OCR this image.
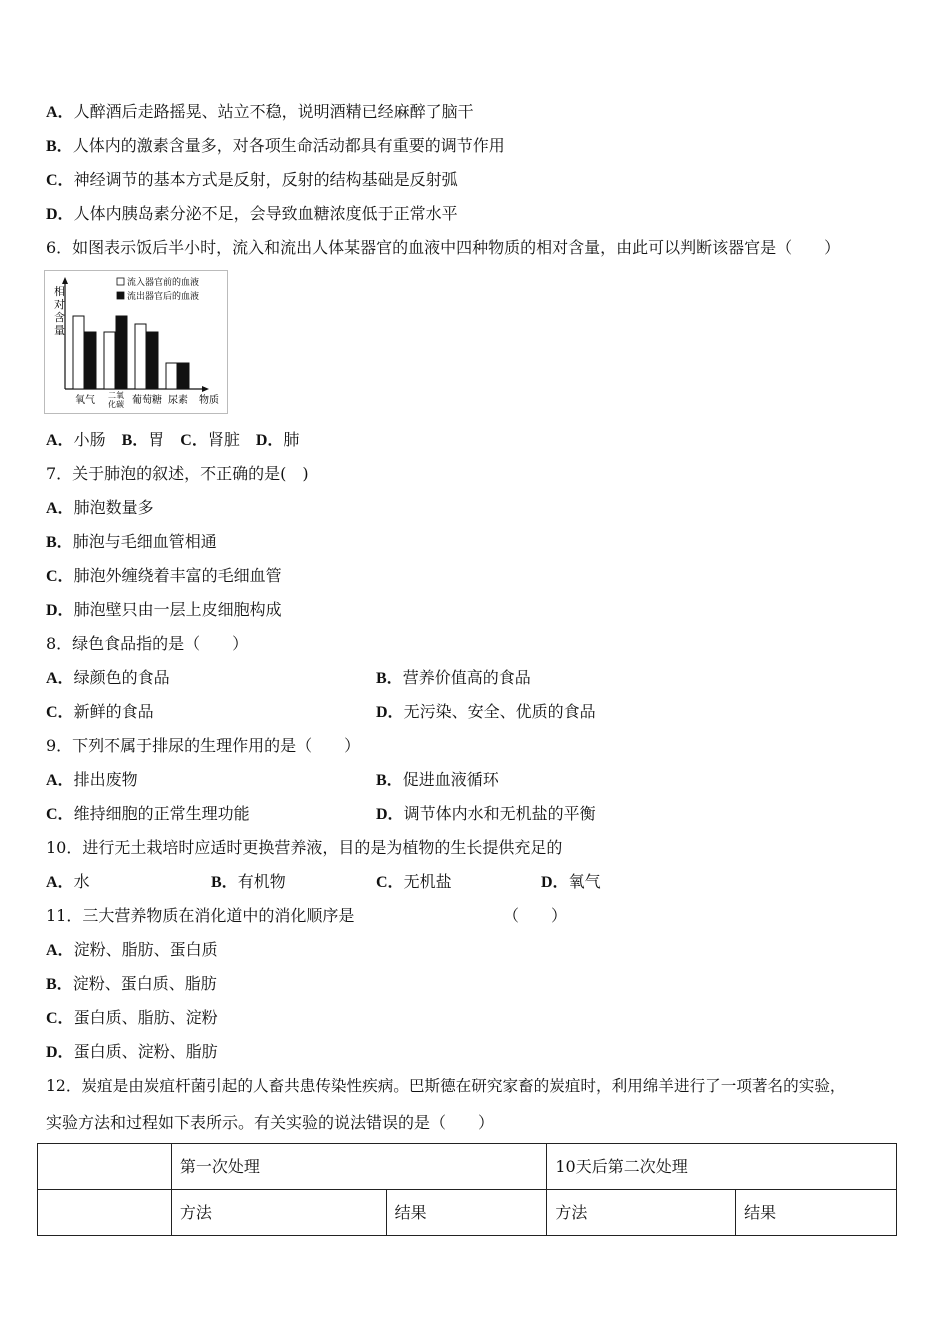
A．人醉酒后走路摇晃、站立不稳，说明酒精已经麻醉了脑干
B．人体内的激素含量多，对各项生命活动都具有重要的调节作用
C．神经调节的基本方式是反射，反射的结构基础是反射弧
D．人体内胰岛素分泌不足，会导致血糖浓度低于正常水平
6．如图表示饭后半小时，流入和流出人体某器官的血液中四种物质的相对含量，由此可以判断该器官是（　　）
相对含量
物质
流入器官前的血液
流出器官后的血液
氧气 二氧
化碳 葡萄糖 尿素
A．小肠 B．胃 C．肾脏 D．肺
7．关于肺泡的叙述，不正确的是(　)
A．肺泡数量多
B．肺泡与毛细血管相通
C．肺泡外缠绕着丰富的毛细血管
D．肺泡壁只由一层上皮细胞构成
8．绿色食品指的是（　　）
A．绿颜色的食品	B．营养价值高的食品
C．新鲜的食品	D．无污染、安全、优质的食品
9．下列不属于排尿的生理作用的是（　　）
A．排出废物	B．促进血液循环
C．维持细胞的正常生理功能	D．调节体内水和无机盐的平衡
10．进行无土栽培时应适时更换营养液，目的是为植物的生长提供充足的
A．水	B．有机物	C．无机盐	D．氧气
11．三大营养物质在消化道中的消化顺序是	（　　）
A．淀粉、脂肪、蛋白质
B．淀粉、蛋白质、脂肪
C．蛋白质、脂肪、淀粉
D．蛋白质、淀粉、脂肪
12．炭疽是由炭疽杆菌引起的人畜共患传染性疾病。巴斯德在研究家畜的炭疽时，利用绵羊进行了一项著名的实验，
实验方法和过程如下表所示。有关实验的说法错误的是（　　）
	第一次处理		10天后第二次处理	
	方法	结果	方法	结果
